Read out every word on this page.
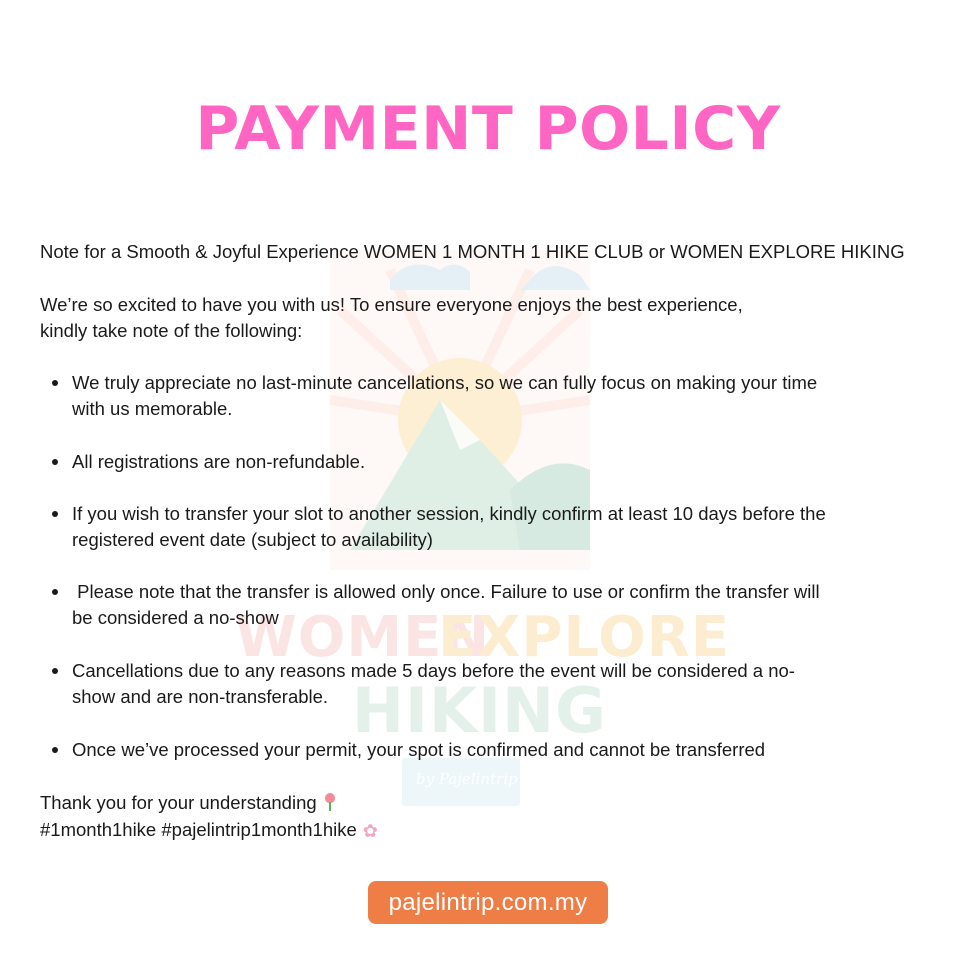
WOMEN
EXPLORE
HIKING
by Pajelintrip
PAYMENT POLICY

Note for a Smooth & Joyful Experience WOMEN 1 MONTH 1 HIKE CLUB or WOMEN EXPLORE HIKING

We’re so excited to have you with us! To ensure everyone enjoys the best experience,
kindly take note of the following:

We truly appreciate no last-minute cancellations, so we can fully focus on making your time
with us memorable.
All registrations are non-refundable.
If you wish to transfer your slot to another session, kindly confirm at least 10 days before the
registered event date (subject to availability)
Please note that the transfer is allowed only once. Failure to use or confirm the transfer will
be considered a no-show
Cancellations due to any reasons made 5 days before the event will be considered a no-
show and are non-transferable.
Once we’ve processed your permit, your spot is confirmed and cannot be transferred

Thank you for your understanding

#1month1hike #pajelintrip1month1hike ✿

pajelintrip.com.my
